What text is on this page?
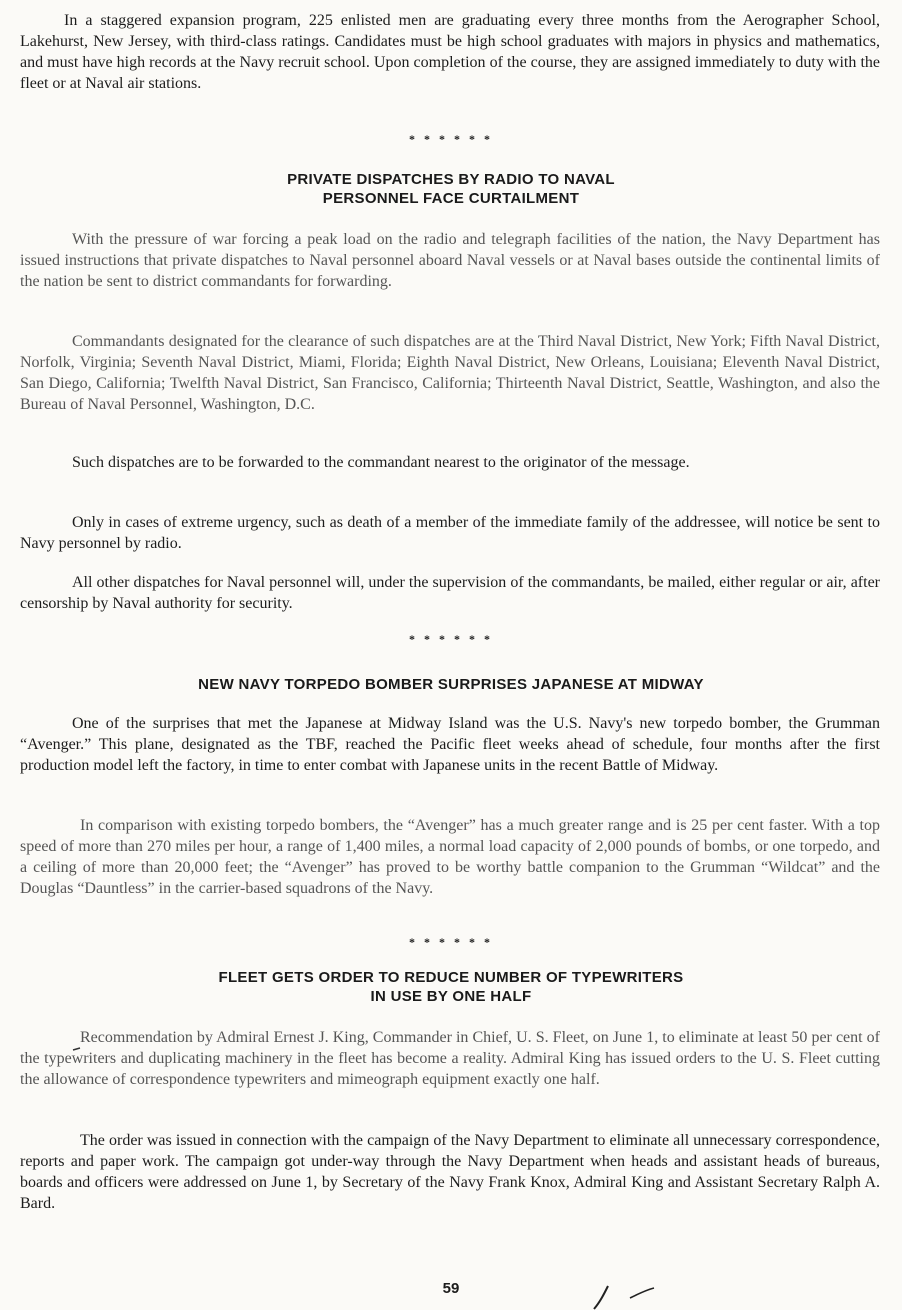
In a staggered expansion program, 225 enlisted men are graduating every three months from the Aerographer School, Lakehurst, New Jersey, with third-class ratings. Candidates must be high school graduates with majors in physics and mathematics, and must have high records at the Navy recruit school. Upon completion of the course, they are assigned immediately to duty with the fleet or at Naval air stations.

* * * * * *
PRIVATE DISPATCHES BY RADIO TO NAVAL
PERSONNEL FACE CURTAILMENT

With the pressure of war forcing a peak load on the radio and telegraph facilities of the nation, the Navy Department has issued instructions that private dispatches to Naval personnel aboard Naval vessels or at Naval bases outside the continental limits of the nation be sent to district commandants for forwarding.

Commandants designated for the clearance of such dispatches are at the Third Naval District, New York; Fifth Naval District, Norfolk, Virginia; Seventh Naval District, Miami, Florida; Eighth Naval District, New Orleans, Louisiana; Eleventh Naval District, San Diego, California; Twelfth Naval District, San Francisco, California; Thirteenth Naval District, Seattle, Washington, and also the Bureau of Naval Personnel, Washington, D.C.

Such dispatches are to be forwarded to the commandant nearest to the originator of the message.

Only in cases of extreme urgency, such as death of a member of the immediate family of the addressee, will notice be sent to Navy personnel by radio.

All other dispatches for Naval personnel will, under the supervision of the commandants, be mailed, either regular or air, after censorship by Naval authority for security.

* * * * * *
NEW NAVY TORPEDO BOMBER SURPRISES JAPANESE AT MIDWAY

One of the surprises that met the Japanese at Midway Island was the U.S. Navy's new torpedo bomber, the Grumman “Avenger.” This plane, designated as the TBF, reached the Pacific fleet weeks ahead of schedule, four months after the first production model left the factory, in time to enter combat with Japanese units in the recent Battle of Midway.

In comparison with existing torpedo bombers, the “Avenger” has a much greater range and is 25 per cent faster. With a top speed of more than 270 miles per hour, a range of 1,400 miles, a normal load capacity of 2,000 pounds of bombs, or one torpedo, and a ceiling of more than 20,000 feet; the “Avenger” has proved to be worthy battle companion to the Grumman “Wildcat” and the Douglas “Dauntless” in the carrier-based squadrons of the Navy.

* * * * * *
FLEET GETS ORDER TO REDUCE NUMBER OF TYPEWRITERS
IN USE BY ONE HALF

Recommendation by Admiral Ernest J. King, Commander in Chief, U. S. Fleet, on June 1, to eliminate at least 50 per cent of the typewriters and duplicating machinery in the fleet has become a reality. Admiral King has issued orders to the U. S. Fleet cutting the allowance of correspondence typewriters and mimeograph equipment exactly one half.

The order was issued in connection with the campaign of the Navy Department to eliminate all unnecessary correspondence, reports and paper work. The campaign got under-way through the Navy Department when heads and assistant heads of bureaus, boards and officers were addressed on June 1, by Secretary of the Navy Frank Knox, Admiral King and Assistant Secretary Ralph A. Bard.

59
